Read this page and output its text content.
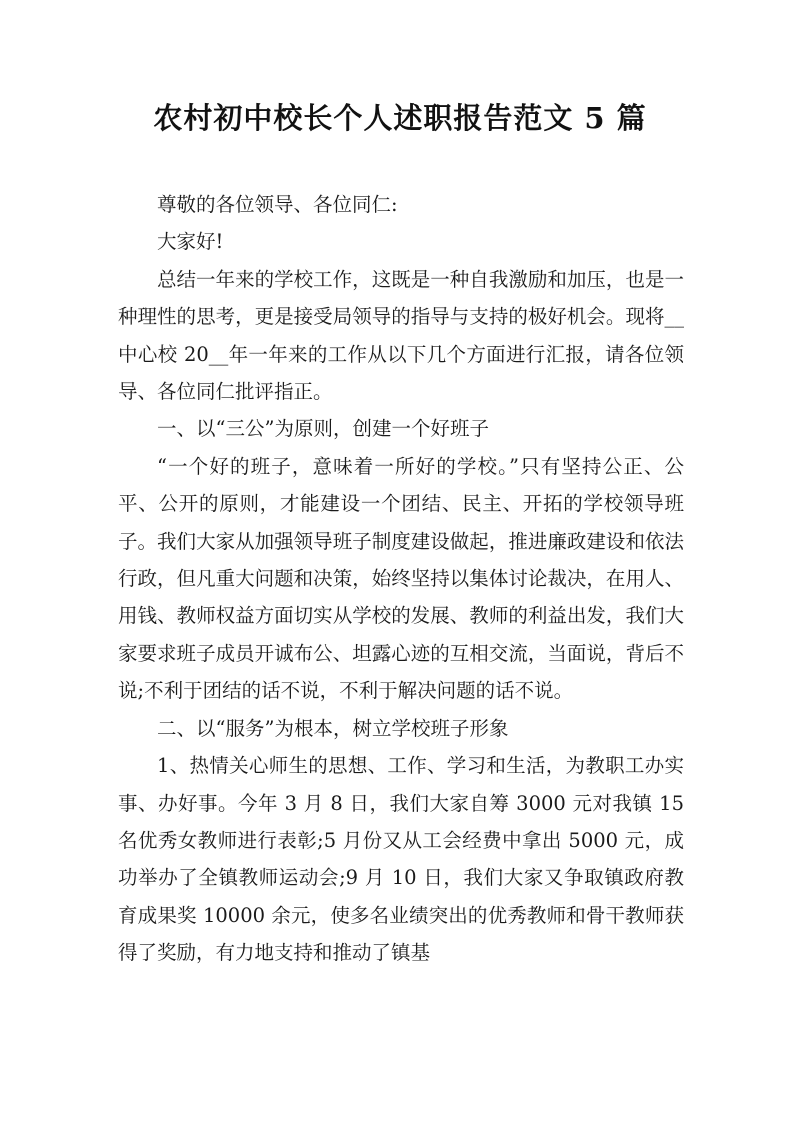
农村初中校长个人述职报告范文 5 篇

尊敬的各位领导、各位同仁:

大家好!

总结一年来的学校工作，这既是一种自我激励和加压，也是一种理性的思考，更是接受局领导的指导与支持的极好机会。现将__中心校 20__年一年来的工作从以下几个方面进行汇报，请各位领导、各位同仁批评指正。

一、以“三公”为原则，创建一个好班子

“一个好的班子，意味着一所好的学校。”只有坚持公正、公平、公开的原则，才能建设一个团结、民主、开拓的学校领导班子。我们大家从加强领导班子制度建设做起，推进廉政建设和依法行政，但凡重大问题和决策，始终坚持以集体讨论裁决，在用人、用钱、教师权益方面切实从学校的发展、教师的利益出发，我们大家要求班子成员开诚布公、坦露心迹的互相交流，当面说，背后不说;不利于团结的话不说，不利于解决问题的话不说。

二、以“服务”为根本，树立学校班子形象

1、热情关心师生的思想、工作、学习和生活，为教职工办实事、办好事。今年 3 月 8 日，我们大家自筹 3000 元对我镇 15 名优秀女教师进行表彰;5 月份又从工会经费中拿出 5000 元，成功举办了全镇教师运动会;9 月 10 日，我们大家又争取镇政府教育成果奖 10000 余元，使多名业绩突出的优秀教师和骨干教师获得了奖励，有力地支持和推动了镇基
